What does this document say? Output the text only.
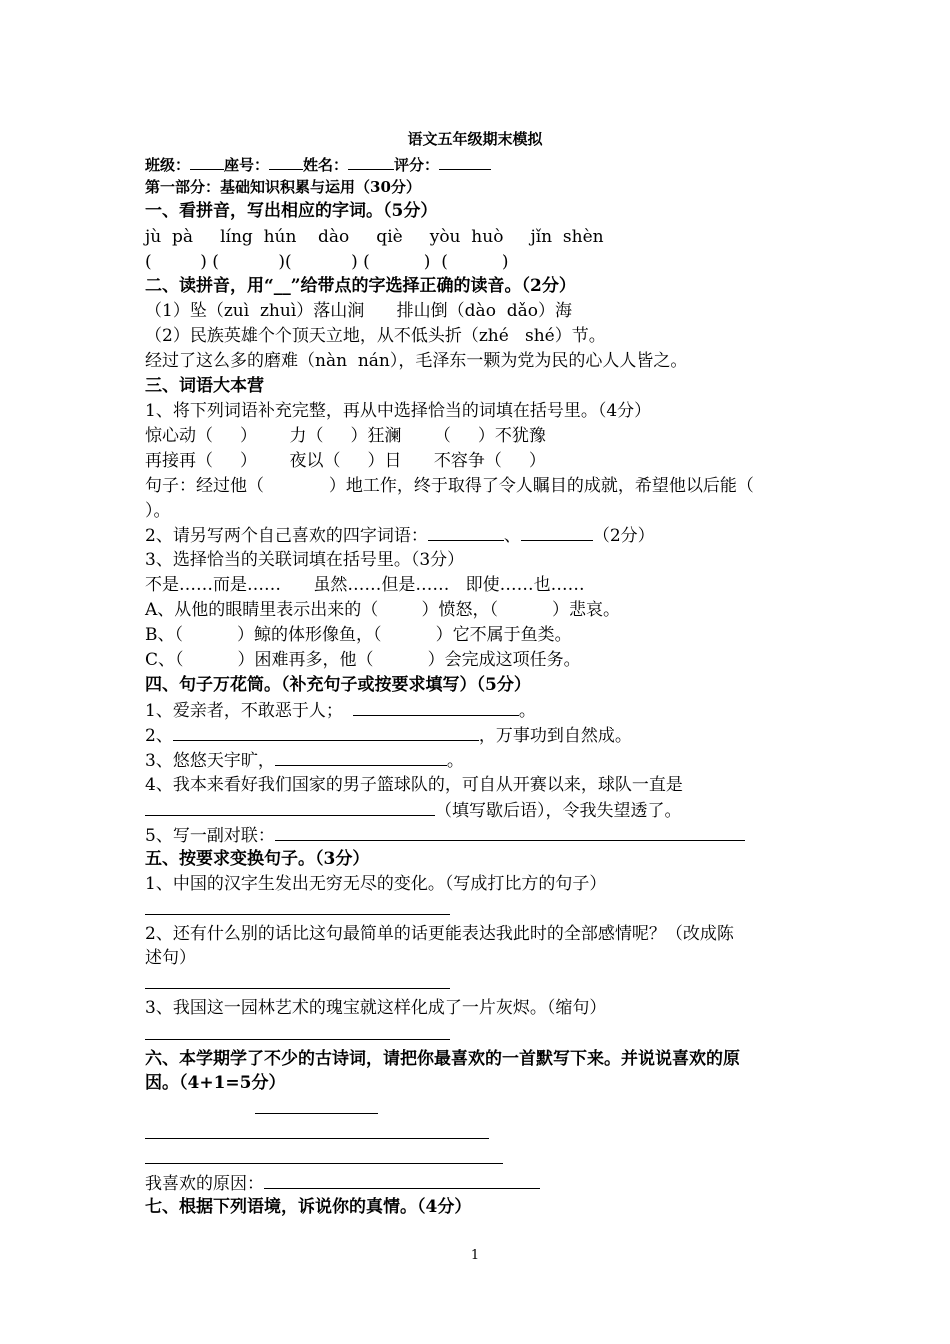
语文五年级期末模拟
班级： 座号： 姓名：	评分：
第一部分：基础知识积累与运用（30分）
一、看拼音，写出相应的字词。（5分）
jù  pà     líng  hún    dào     qiè     yòu  huò     jǐn  shèn
(         ) (           )(           ) (          )  (          )
二、读拼音，用“__”给带点的字选择正确的读音。（2分）
（1）坠（zuì  zhuì）落山涧      排山倒（dào  dǎo）海
（2）民族英雄个个顶天立地，从不低头折（zhé   shé）节。
经过了这么多的磨难（nàn  nán），毛泽东一颗为党为民的心人人皆之。
三、词语大本营
1、将下列词语补充完整，再从中选择恰当的词填在括号里。（4分）
惊心动（     ）      力（     ）狂澜      （     ）不犹豫
再接再（     ）      夜以（     ）日      不容争（     ）
句子：经过他（            ）地工作，终于取得了令人瞩目的成就，希望他以后能（
）。
2、请另写两个自己喜欢的四字词语：	、	（2分）
3、选择恰当的关联词填在括号里。（3分）
不是……而是……      虽然……但是……   即使……也……
A、从他的眼睛里表示出来的（        ）愤怒，（          ）悲哀。
B、（          ）鲸的体形像鱼，（          ）它不属于鱼类。
C、（          ）困难再多，他（          ）会完成这项任务。
四、句子万花筒。（补充句子或按要求填写）（5分）
1、爱亲者，不敢恶于人；	。
2、	，万事功到自然成。
3、悠悠天宇旷，	。
4、我本来看好我们国家的男子篮球队的，可自从开赛以来，球队一直是
（填写歇后语），令我失望透了。
5、写一副对联：
五、按要求变换句子。（3分）
1、中国的汉字生发出无穷无尽的变化。（写成打比方的句子）
2、还有什么别的话比这句最简单的话更能表达我此时的全部感情呢？（改成陈
述句）
3、我国这一园林艺术的瑰宝就这样化成了一片灰烬。（缩句）
六、本学期学了不少的古诗词，请把你最喜欢的一首默写下来。并说说喜欢的原
因。（4+1=5分）
我喜欢的原因：
七、根据下列语境，诉说你的真情。（4分）
1
